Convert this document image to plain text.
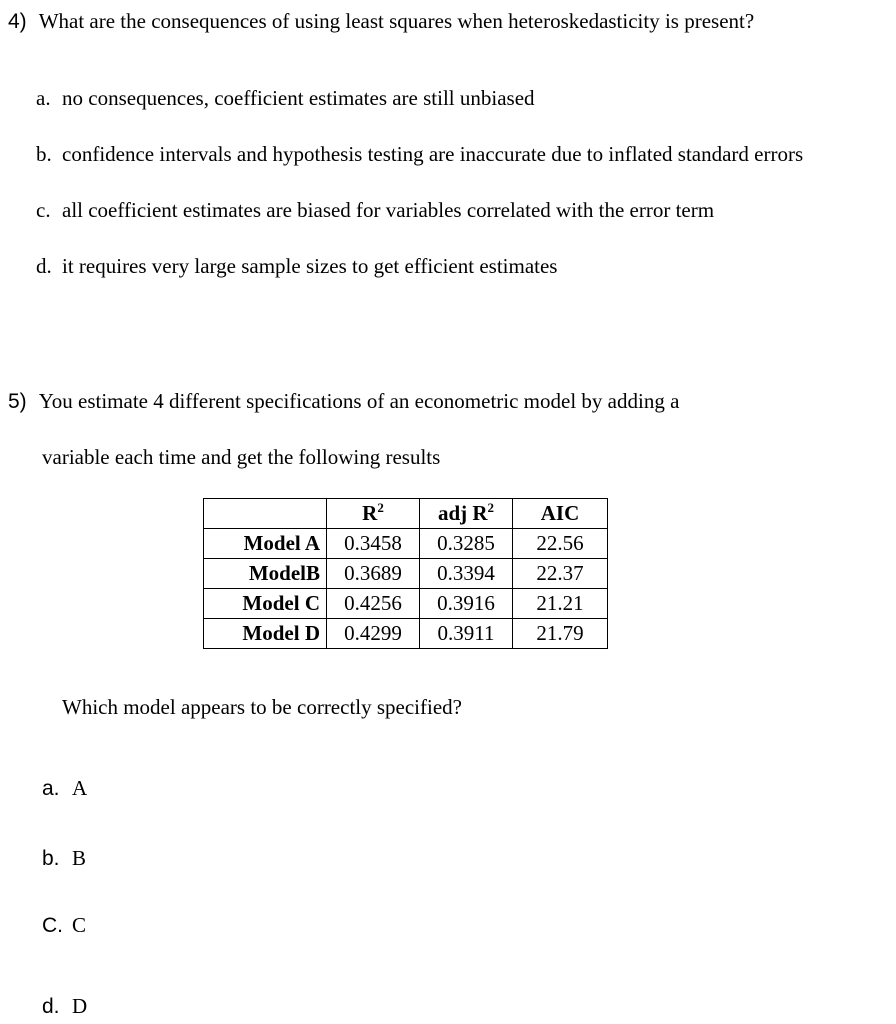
4) What are the consequences of using least squares when heteroskedasticity is present?
a. no consequences, coefficient estimates are still unbiased
b. confidence intervals and hypothesis testing are inaccurate due to inflated standard errors
c. all coefficient estimates are biased for variables correlated with the error term
d. it requires very large sample sizes to get efficient estimates
5) You estimate 4 different specifications of an econometric model by adding a
variable each time and get the following results
	$R^2$	adj $R^2$	AIC
Model A	0.3458	0.3285	22.56
ModelB	0.3689	0.3394	22.37
Model C	0.4256	0.3916	21.21
Model D	0.4299	0.3911	21.79
Which model appears to be correctly specified?
a. A
b. B
C. C
d. D
